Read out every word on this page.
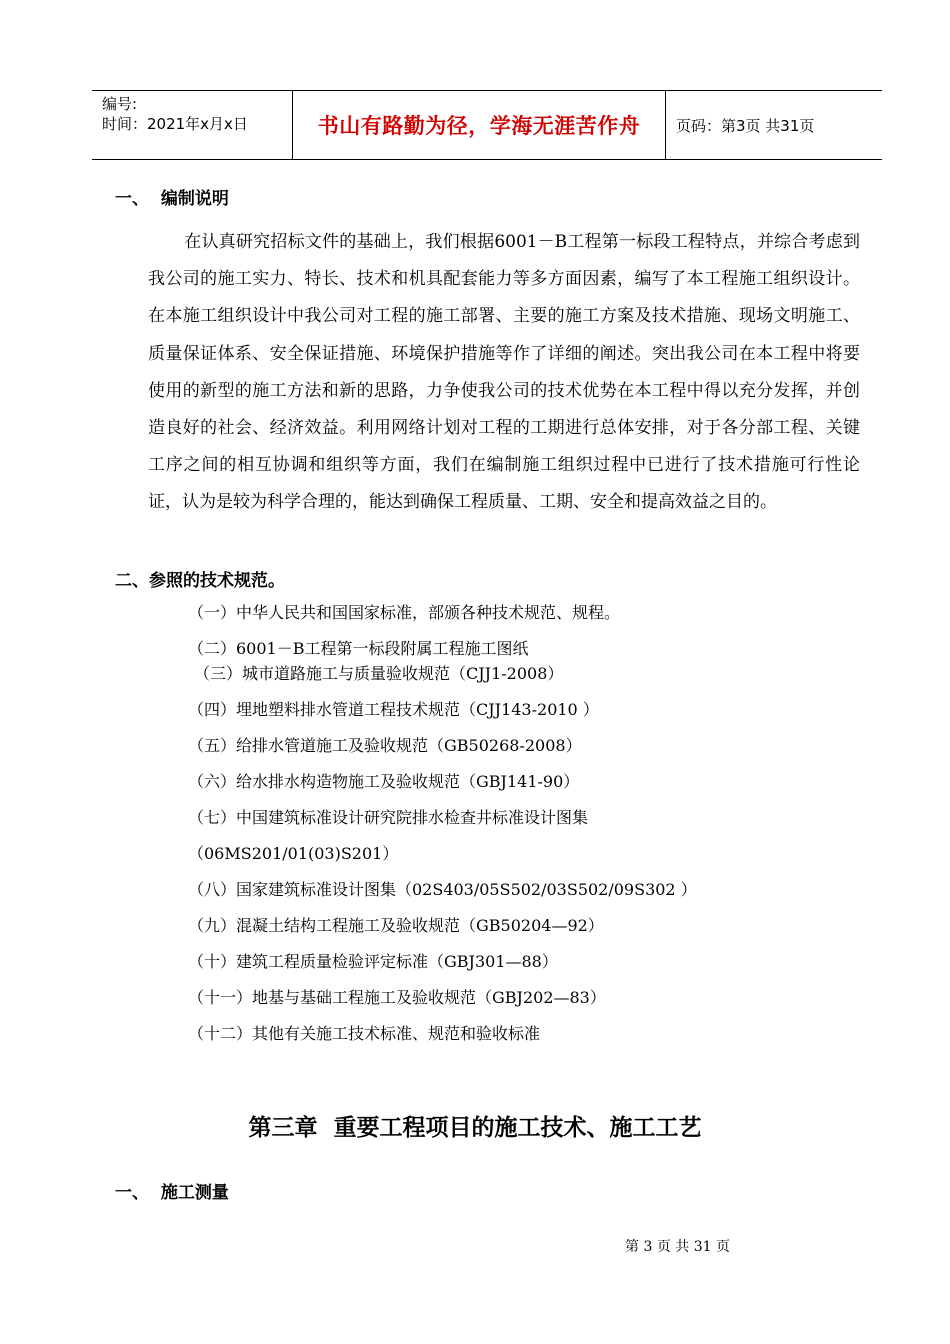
编号:
时间：2021年x月x日	书山有路勤为径，学海无涯苦作舟 页码：第3页 共31页
一、  编制说明

在认真研究招标文件的基础上，我们根据6001－B工程第一标段工程特点，并综合考虑到我公司的施工实力、特长、技术和机具配套能力等多方面因素，编写了本工程施工组织设计。在本施工组织设计中我公司对工程的施工部署、主要的施工方案及技术措施、现场文明施工、质量保证体系、安全保证措施、环境保护措施等作了详细的阐述。突出我公司在本工程中将要使用的新型的施工方法和新的思路，力争使我公司的技术优势在本工程中得以充分发挥，并创造良好的社会、经济效益。利用网络计划对工程的工期进行总体安排，对于各分部工程、关键工序之间的相互协调和组织等方面，我们在编制施工组织过程中已进行了技术措施可行性论证，认为是较为科学合理的，能达到确保工程质量、工期、安全和提高效益之目的。

二、参照的技术规范。
（一）中华人民共和国国家标准，部颁各种技术规范、规程。
（二）6001－B工程第一标段附属工程施工图纸
（三）城市道路施工与质量验收规范（CJJ1-2008）
（四）埋地塑料排水管道工程技术规范（CJJ143-2010 ）
（五）给排水管道施工及验收规范（GB50268-2008）
（六）给水排水构造物施工及验收规范（GBJ141-90）
（七）中国建筑标准设计研究院排水检查井标准设计图集
（06MS201/01(03)S201）
（八）国家建筑标准设计图集（02S403/05S502/03S502/09S302 ）
（九）混凝土结构工程施工及验收规范（GB50204—92）
（十）建筑工程质量检验评定标准（GBJ301—88）
（十一）地基与基础工程施工及验收规范（GBJ202—83）
（十二）其他有关施工技术标准、规范和验收标准
第三章  重要工程项目的施工技术、施工工艺
一、  施工测量
第 3 页 共 31 页
